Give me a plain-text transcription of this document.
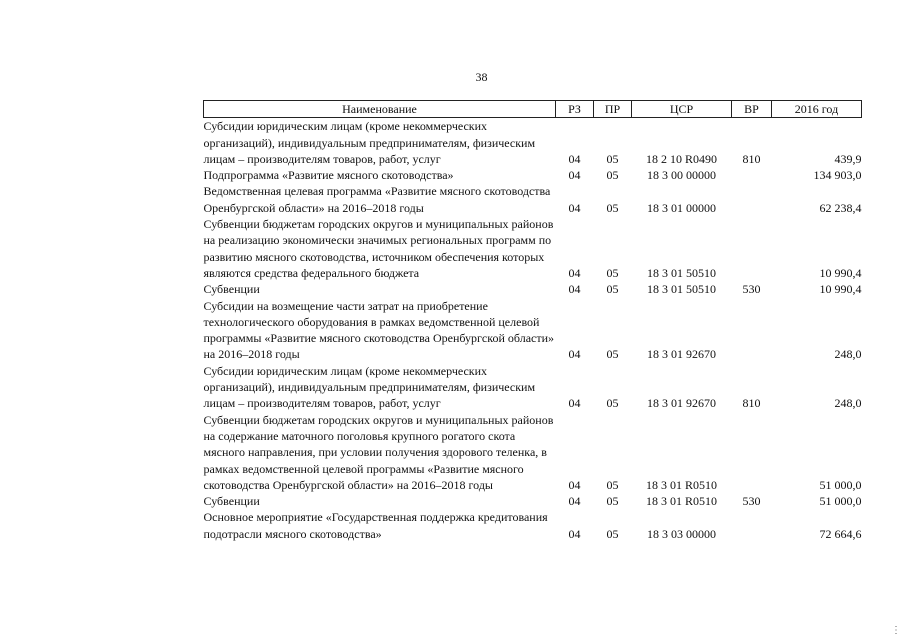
38
Наименование	РЗ	ПР	ЦСР	ВР	2016 год
Субсидии юридическим лицам (кроме некоммерческих организаций), индивидуальным предпринимателям, физическим лицам – производителям товаров, работ, услуг	04	05	18 2 10 R0490	810	439,9
Подпрограмма «Развитие мясного скотоводства»	04	05	18 3 00 00000		134 903,0
Ведомственная целевая программа «Развитие мясного скотоводства Оренбургской области» на 2016–2018 годы	04	05	18 3 01 00000		62 238,4
Субвенции бюджетам городских округов и муниципальных районов на реализацию экономически значимых региональных программ по развитию мясного скотоводства, источником обеспечения которых являются средства федерального бюджета	04	05	18 3 01 50510		10 990,4
Субвенции	04	05	18 3 01 50510	530	10 990,4
Субсидии на возмещение части затрат на приобретение технологического оборудования в рамках ведомственной целевой программы «Развитие мясного скотоводства Оренбургской области» на 2016–2018 годы	04	05	18 3 01 92670		248,0
Субсидии юридическим лицам (кроме некоммерческих организаций), индивидуальным предпринимателям, физическим лицам – производителям товаров, работ, услуг	04	05	18 3 01 92670	810	248,0
Субвенции бюджетам городских округов и муниципальных районов на содержание маточного поголовья крупного рогатого скота мясного направления, при условии получения здорового теленка, в рамках ведомственной целевой программы «Развитие мясного скотоводства Оренбургской области» на 2016–2018 годы	04	05	18 3 01 R0510		51 000,0
Субвенции	04	05	18 3 01 R0510	530	51 000,0
Основное мероприятие «Государственная поддержка кредитования подотрасли мясного скотоводства»	04	05	18 3 03 00000		72 664,6
⋮
